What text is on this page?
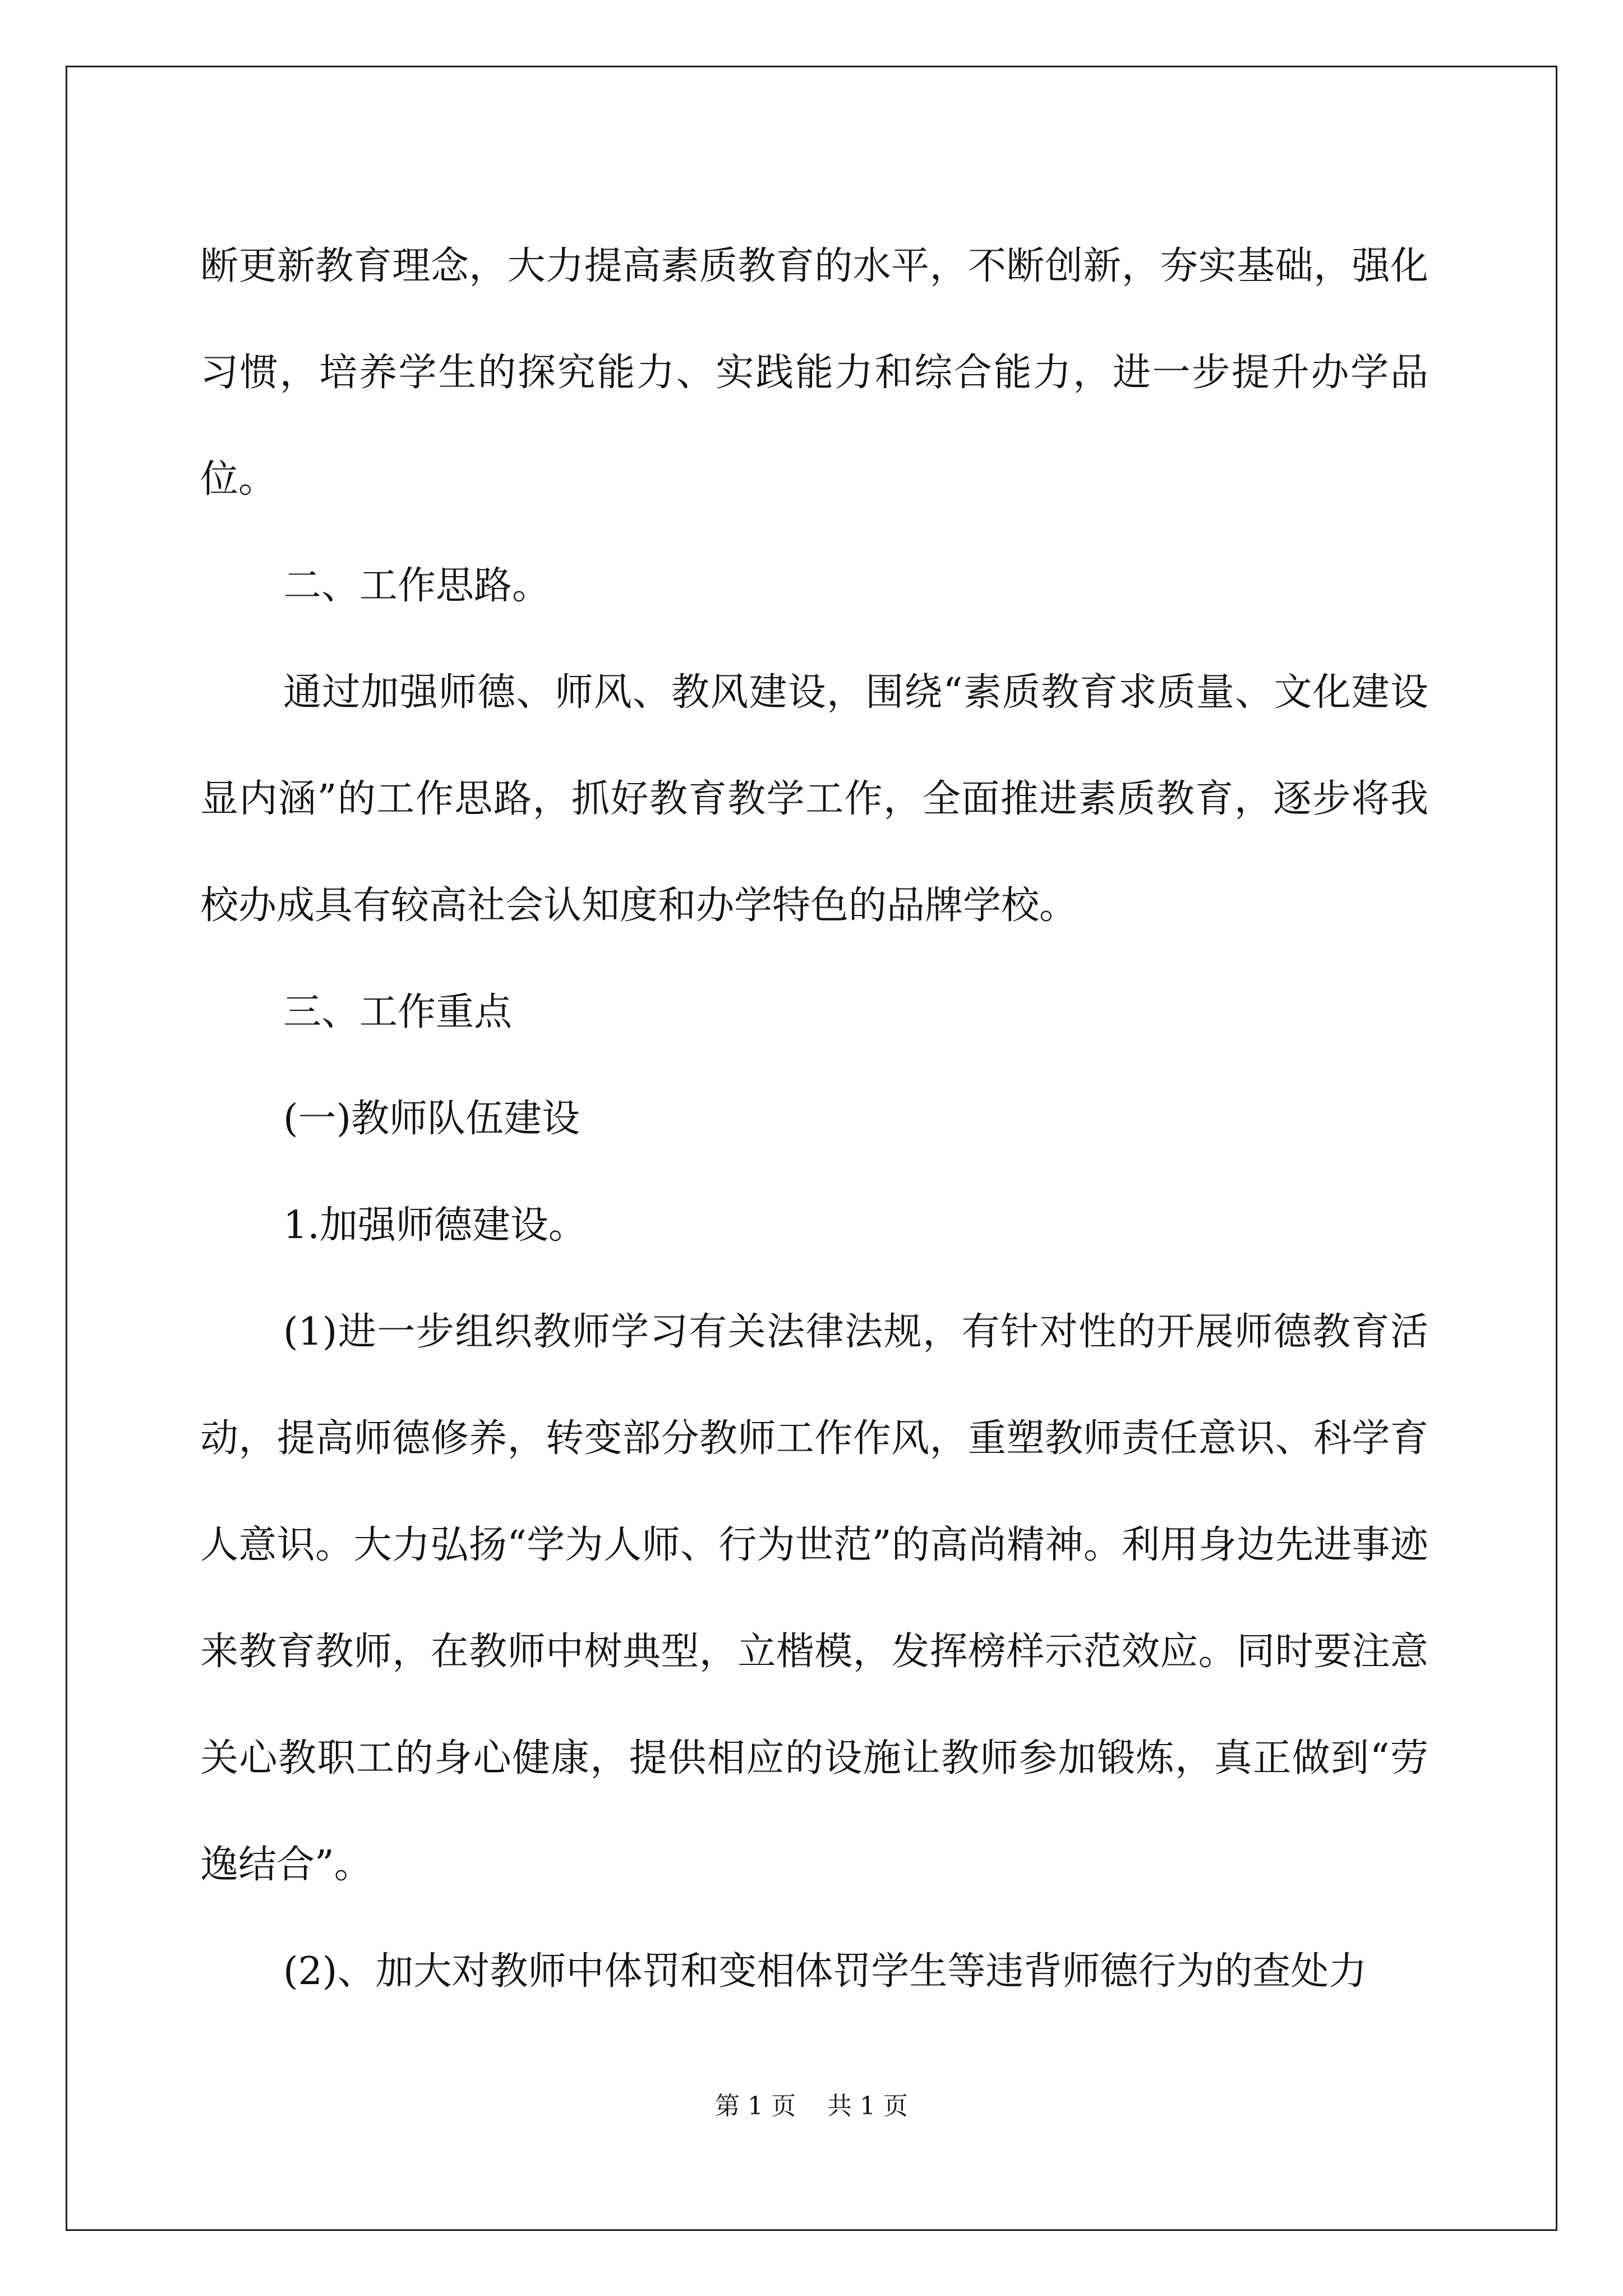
断更新教育理念，大力提高素质教育的水平，不断创新，夯实基础，强化习惯，培养学生的探究能力、实践能力和综合能力，进一步提升办学品位。

二、工作思路。

通过加强师德、师风、教风建设，围绕“素质教育求质量、文化建设显内涵”的工作思路，抓好教育教学工作，全面推进素质教育，逐步将我校办成具有较高社会认知度和办学特色的品牌学校。

三、工作重点

(一)教师队伍建设

1.加强师德建设。

(1)进一步组织教师学习有关法律法规，有针对性的开展师德教育活动，提高师德修养，转变部分教师工作作风，重塑教师责任意识、科学育人意识。大力弘扬“学为人师、行为世范”的高尚精神。利用身边先进事迹来教育教师，在教师中树典型，立楷模，发挥榜样示范效应。同时要注意关心教职工的身心健康，提供相应的设施让教师参加锻炼，真正做到“劳逸结合”。

(2)、加大对教师中体罚和变相体罚学生等违背师德行为的查处力

第 1 页 共 1 页
